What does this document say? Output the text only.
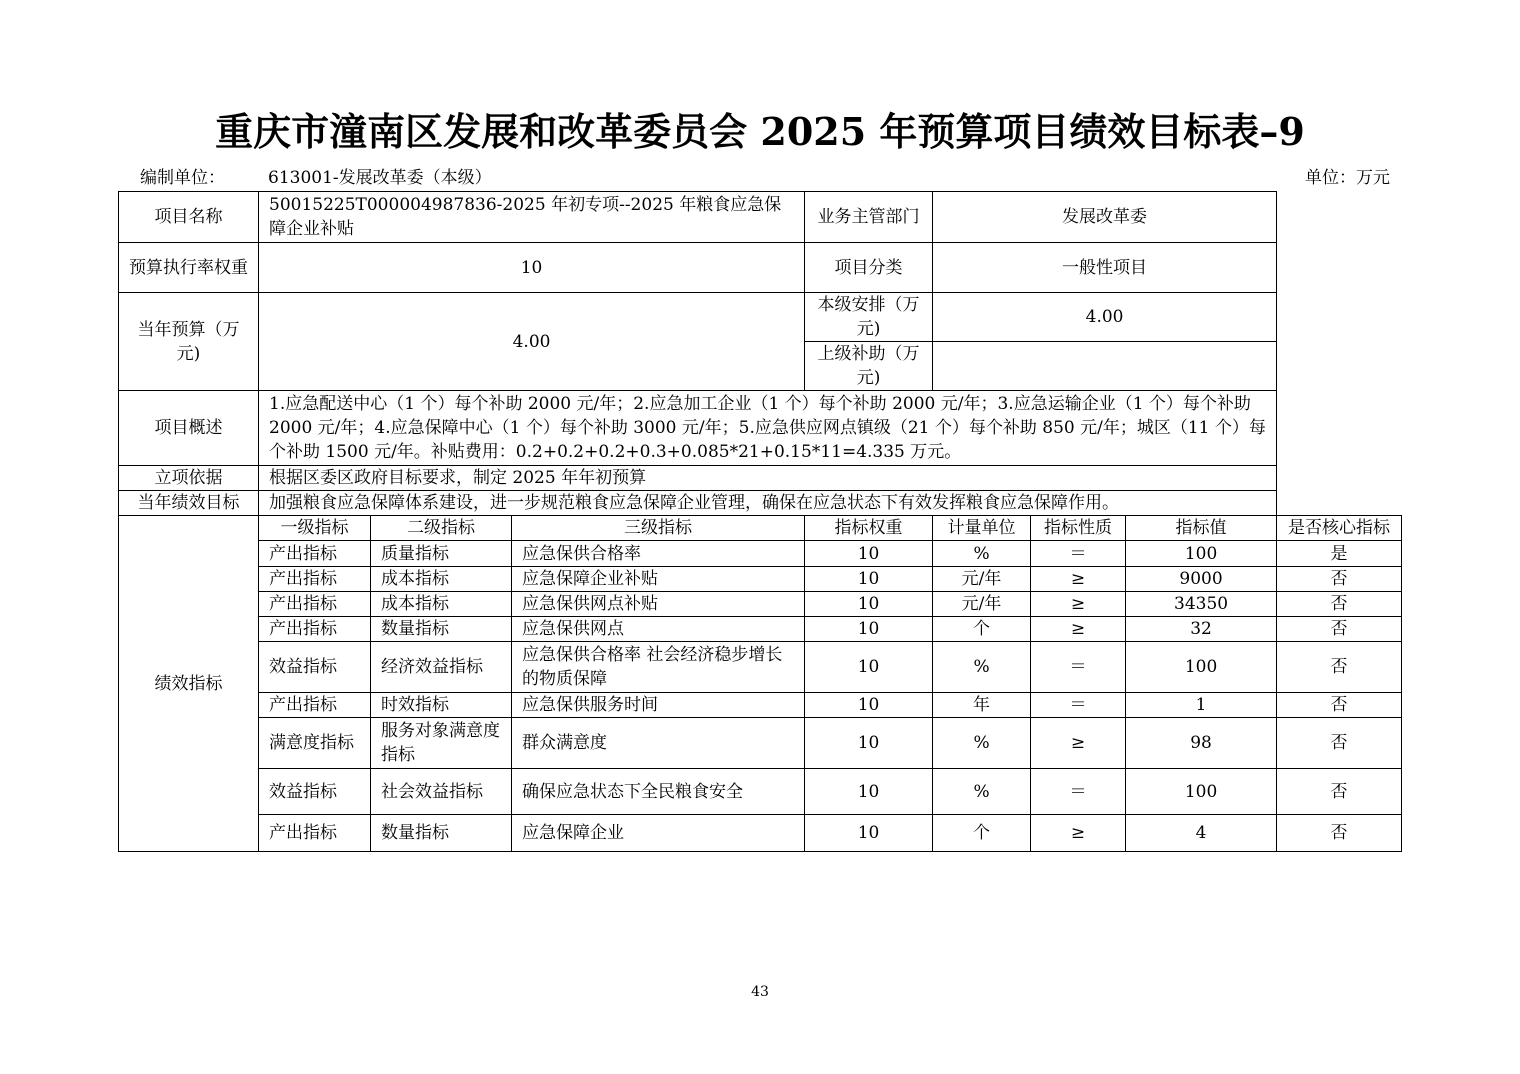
重庆市潼南区发展和改革委员会 2025 年预算项目绩效目标表–9
编制单位：	613001-发展改革委（本级）	单位：万元
项目名称	50015225T000004987836-2025 年初专项--2025 年粮食应急保障企业补贴			业务主管部门	发展改革委			
预算执行率权重	10			项目分类	一般性项目			
当年预算（万元)	4.00			本级安排（万元)	4.00			
				上级补助（万元)				
项目概述	1.应急配送中心（1 个）每个补助 2000 元/年；2.应急加工企业（1 个）每个补助 2000 元/年；3.应急运输企业（1 个）每个补助 2000 元/年；4.应急保障中心（1 个）每个补助 3000 元/年；5.应急供应网点镇级（21 个）每个补助 850 元/年；城区（11 个）每个补助 1500 元/年。补贴费用：0.2+0.2+0.2+0.3+0.085*21+0.15*11=4.335 万元。							
立项依据	根据区委区政府目标要求，制定 2025 年年初预算							
当年绩效目标	加强粮食应急保障体系建设，进一步规范粮食应急保障企业管理，确保在应急状态下有效发挥粮食应急保障作用。							
绩效指标	一级指标	二级指标	三级指标	指标权重	计量单位	指标性质	指标值	是否核心指标
	产出指标	质量指标	应急保供合格率	10	%	＝	100	是
	产出指标	成本指标	应急保障企业补贴	10	元/年	≥	9000	否
	产出指标	成本指标	应急保供网点补贴	10	元/年	≥	34350	否
	产出指标	数量指标	应急保供网点	10	个	≥	32	否
	效益指标	经济效益指标	应急保供合格率 社会经济稳步增长的物质保障	10	%	＝	100	否
	产出指标	时效指标	应急保供服务时间	10	年	＝	1	否
	满意度指标	服务对象满意度指标	群众满意度	10	%	≥	98	否
	效益指标	社会效益指标	确保应急状态下全民粮食安全	10	%	＝	100	否
	产出指标	数量指标	应急保障企业	10	个	≥	4	否
43
